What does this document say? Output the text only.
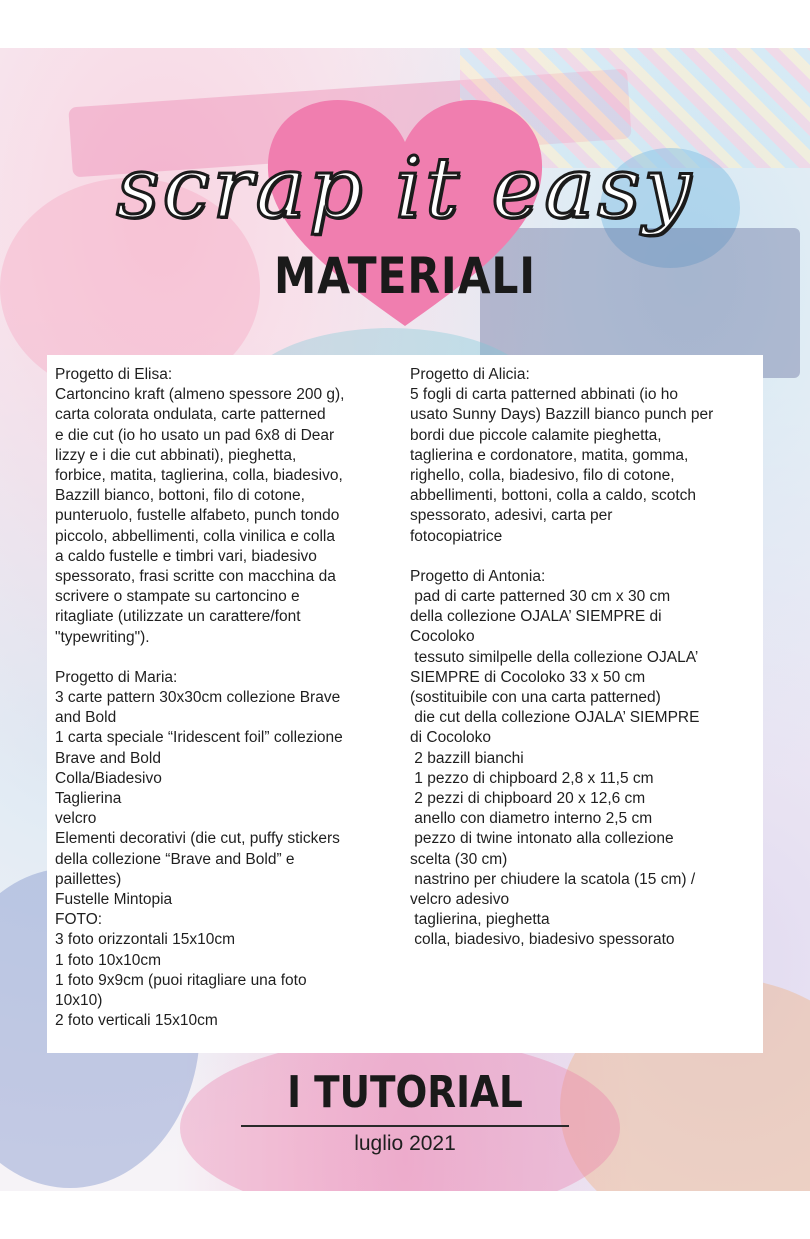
scrap it easy
MATERIALI
Progetto di Elisa:
Cartoncino kraft (almeno spessore 200 g),
carta colorata ondulata, carte patterned
e die cut (io ho usato un pad 6x8 di Dear
lizzy e i die cut abbinati), pieghetta,
forbice, matita, taglierina, colla, biadesivo,
Bazzill bianco, bottoni, filo di cotone,
punteruolo, fustelle alfabeto, punch tondo
piccolo, abbellimenti, colla vinilica e colla
a caldo fustelle e timbri vari, biadesivo
spessorato, frasi scritte con macchina da
scrivere o stampate su cartoncino e
ritagliate (utilizzate un carattere/font
"typewriting").
Progetto di Maria:
3 carte pattern 30x30cm collezione Brave
and Bold
1 carta speciale “Iridescent foil” collezione
Brave and Bold
Colla/Biadesivo
Taglierina
velcro
Elementi decorativi (die cut, puffy stickers
della collezione “Brave and Bold” e
paillettes)
Fustelle Mintopia
FOTO:
3 foto orizzontali 15x10cm
1 foto 10x10cm
1 foto 9x9cm (puoi ritagliare una foto
10x10)
2 foto verticali 15x10cm
Progetto di Alicia:
5 fogli di carta patterned abbinati (io ho
usato Sunny Days) Bazzill bianco punch per
bordi due piccole calamite pieghetta,
taglierina e cordonatore, matita, gomma,
righello, colla, biadesivo, filo di cotone,
abbellimenti, bottoni, colla a caldo, scotch
spessorato, adesivi, carta per
fotocopiatrice
Progetto di Antonia:
pad di carte patterned 30 cm x 30 cm
della collezione OJALA’ SIEMPRE di
Cocoloko
tessuto similpelle della collezione OJALA’
SIEMPRE di Cocoloko 33 x 50 cm
(sostituibile con una carta patterned)
die cut della collezione OJALA’ SIEMPRE
di Cocoloko
2 bazzill bianchi
1 pezzo di chipboard 2,8 x 11,5 cm
2 pezzi di chipboard 20 x 12,6 cm
anello con diametro interno 2,5 cm
pezzo di twine intonato alla collezione
scelta (30 cm)
nastrino per chiudere la scatola (15 cm) /
velcro adesivo
taglierina, pieghetta
colla, biadesivo, biadesivo spessorato
I TUTORIAL
luglio 2021
